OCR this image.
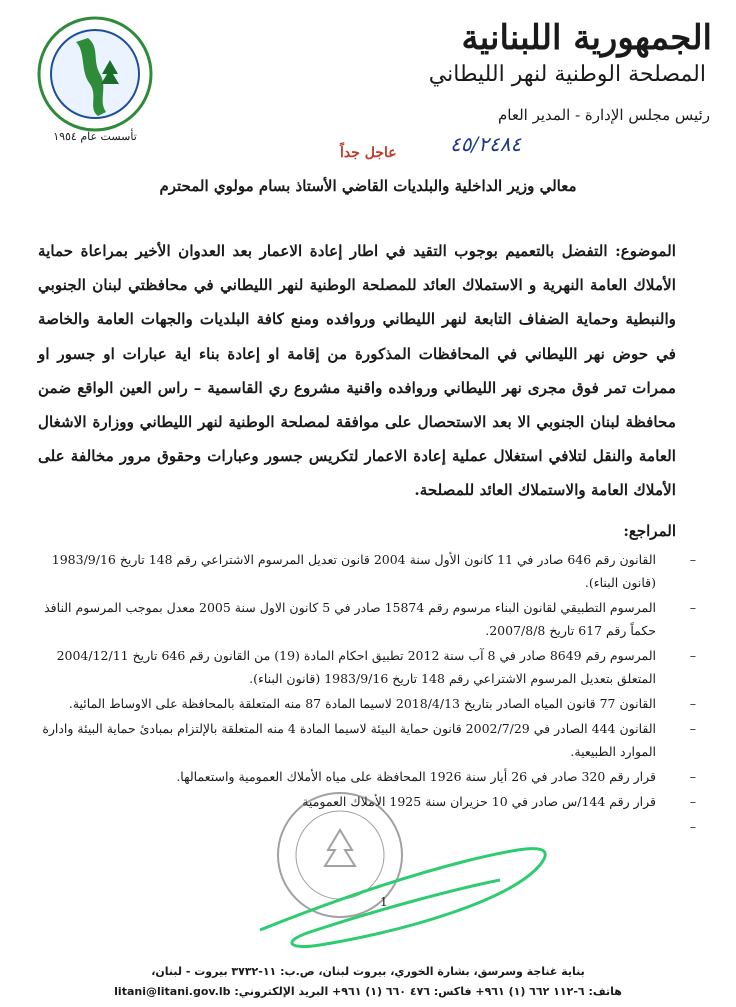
تأسست عام ١٩٥٤
الجمهورية اللبنانية
المصلحة الوطنية لنهر الليطاني
رئيس مجلس الإدارة - المدير العام
٤٥/٢٤٨٤
عاجل جداً
معالي وزير الداخلية والبلديات القاضي الأستاذ بسام مولوي المحترم
الموضوع: التفضل بالتعميم بوجوب التقيد في اطار إعادة الاعمار بعد العدوان الأخير بمراعاة حماية الأملاك العامة النهرية و الاستملاك العائد للمصلحة الوطنية لنهر الليطاني في محافظتي لبنان الجنوبي والنبطية وحماية الضفاف التابعة لنهر الليطاني وروافده ومنع كافة البلديات والجهات العامة والخاصة في حوض نهر الليطاني في المحافظات المذكورة من إقامة او إعادة بناء اية عبارات او جسور او ممرات تمر فوق مجرى نهر الليطاني وروافده واقنية مشروع ري القاسمية – راس العين الواقع ضمن محافظة لبنان الجنوبي الا بعد الاستحصال على موافقة لمصلحة الوطنية لنهر الليطاني ووزارة الاشغال العامة والنقل لتلافي استغلال عملية إعادة الاعمار لتكريس جسور وعبارات وحقوق مرور مخالفة على الأملاك العامة والاستملاك العائد للمصلحة.
المراجع:
–
القانون رقم 646 صادر في 11 كانون الأول سنة 2004 قانون تعديل المرسوم الاشتراعي رقم 148 تاريخ 1983/9/16 (قانون البناء).
–
المرسوم التطبيقي لقانون البناء مرسوم رقم 15874 صادر في 5 كانون الاول سنة 2005 معدل بموجب المرسوم النافذ حكماً رقم 617 تاريخ 2007/8/8.
–
المرسوم رقم 8649 صادر في 8 آب سنة 2012 تطبيق احكام المادة (19) من القانون رقم 646 تاريخ 2004/12/11 المتعلق بتعديل المرسوم الاشتراعي رقم 148 تاريخ 1983/9/16 (قانون البناء).
–
القانون 77 قانون المياه الصادر بتاريخ 2018/4/13 لاسيما المادة 87 منه المتعلقة بالمحافظة على الاوساط المائية.
–
القانون 444 الصادر في 2002/7/29 قانون حماية البيئة لاسيما المادة 4 منه المتعلقة بالإلتزام بمبادئ حماية البيئة وادارة الموارد الطبيعية.
–
قرار رقم 320 صادر في 26 أيار سنة 1926 المحافظة على مياه الأملاك العمومية واستعمالها.
–
قرار رقم 144/س صادر في 10 حزيران سنة 1925 الأملاك العمومية
–
1
بناية غناجة وسرسق، بشارة الخوري، بيروت لبنان، ص.ب: ١١-٣٧٣٢ بيروت - لبنان،
هاتف: ٦-١١٢ ٦٦٢ (١) ٩٦١+ فاكس: ٤٧٦ ٦٦٠ (١) ٩٦١+ البريد الإلكتروني: litani@litani.gov.lb
